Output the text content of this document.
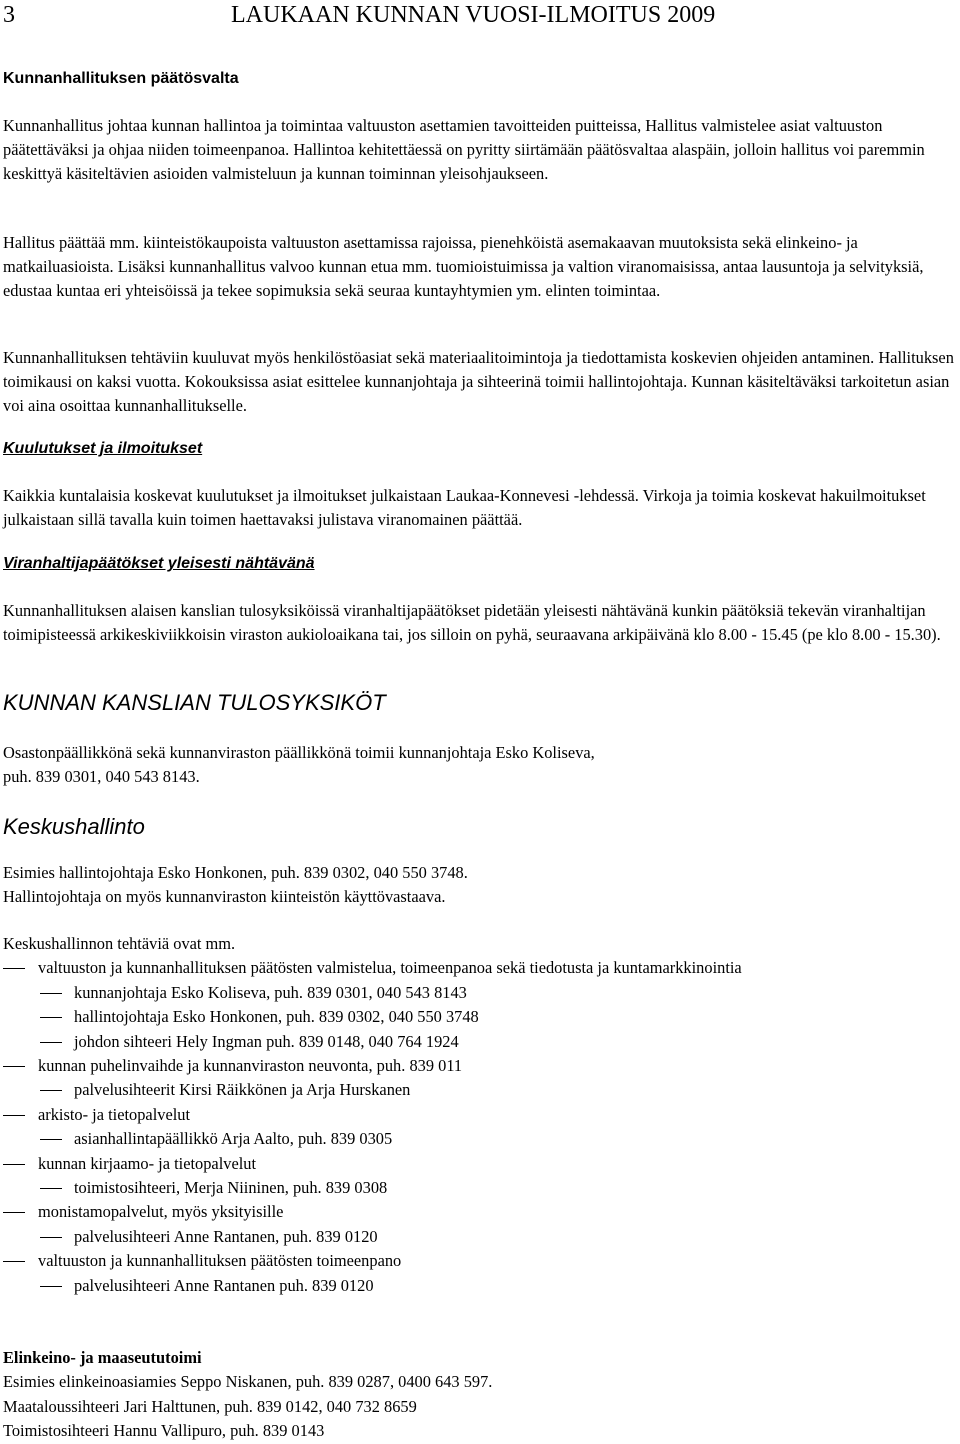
3	LAUKAAN KUNNAN VUOSI-ILMOITUS 2009

Kunnanhallituksen päätösvalta

Kunnanhallitus johtaa kunnan hallintoa ja toimintaa valtuuston asettamien tavoitteiden puitteissa, Hallitus valmistelee asiat valtuuston päätettäväksi ja ohjaa niiden toimeenpanoa. Hallintoa kehitettäessä on pyritty siirtämään päätösvaltaa alaspäin, jolloin hallitus voi paremmin keskittyä käsiteltävien asioiden valmisteluun ja kunnan toiminnan yleisohjaukseen.

Hallitus päättää mm. kiinteistökaupoista valtuuston asettamissa rajoissa, pienehköistä asemakaavan muutoksista sekä elinkeino- ja matkailuasioista. Lisäksi kunnanhallitus valvoo kunnan etua mm. tuomioistuimissa ja valtion viranomaisissa, antaa lausuntoja ja selvityksiä, edustaa kuntaa eri yhteisöissä ja tekee sopimuksia sekä seuraa kuntayhtymien ym. elinten toimintaa.

Kunnanhallituksen tehtäviin kuuluvat myös henkilöstöasiat sekä materiaalitoimintoja ja tiedottamista koskevien ohjeiden antaminen. Hallituksen toimikausi on kaksi vuotta. Kokouksissa asiat esittelee kunnanjohtaja ja sihteerinä toimii hallintojohtaja. Kunnan käsiteltäväksi tarkoitetun asian voi aina osoittaa kunnanhallitukselle.

Kuulutukset ja ilmoitukset

Kaikkia kuntalaisia koskevat kuulutukset ja ilmoitukset julkaistaan Laukaa-Konnevesi -lehdessä. Virkoja ja toimia koskevat hakuilmoitukset julkaistaan sillä tavalla kuin toimen haettavaksi julistava viranomainen päättää.

Viranhaltijapäätökset yleisesti nähtävänä

Kunnanhallituksen alaisen kanslian tulosyksiköissä viranhaltijapäätökset pidetään yleisesti nähtävänä kunkin päätöksiä tekevän viranhaltijan toimipisteessä arkikeskiviikkoisin viraston aukioloaikana tai, jos silloin on pyhä, seuraavana arkipäivänä klo 8.00 - 15.45 (pe klo 8.00 - 15.30).

KUNNAN KANSLIAN TULOSYKSIKÖT

Osastonpäällikkönä sekä kunnanviraston päällikkönä toimii kunnanjohtaja Esko Koliseva,

puh. 839 0301, 040 543 8143.

Keskushallinto

Esimies hallintojohtaja Esko Honkonen, puh. 839 0302, 040 550 3748.

Hallintojohtaja on myös kunnanviraston kiinteistön käyttövastaava.

Keskushallinnon tehtäviä ovat mm.

valtuuston ja kunnanhallituksen päätösten valmistelua, toimeenpanoa sekä tiedotusta ja kuntamarkkinointia
kunnanjohtaja Esko Koliseva, puh. 839 0301, 040 543 8143
hallintojohtaja Esko Honkonen, puh. 839 0302, 040 550 3748
johdon sihteeri Hely Ingman puh. 839 0148, 040 764 1924
kunnan puhelinvaihde ja kunnanviraston neuvonta, puh. 839 011
palvelusihteerit Kirsi Räikkönen ja Arja Hurskanen
arkisto- ja tietopalvelut
asianhallintapäällikkö Arja Aalto, puh. 839 0305
kunnan kirjaamo- ja tietopalvelut
toimistosihteeri, Merja Niininen, puh. 839 0308
monistamopalvelut, myös yksityisille
palvelusihteeri Anne Rantanen, puh. 839 0120
valtuuston ja kunnanhallituksen päätösten toimeenpano
palvelusihteeri Anne Rantanen puh. 839 0120

Elinkeino- ja maaseututoimi

Esimies elinkeinoasiamies Seppo Niskanen, puh. 839 0287, 0400 643 597.

Maataloussihteeri Jari Halttunen, puh. 839 0142, 040 732 8659

Toimistosihteeri Hannu Vallipuro, puh. 839 0143
